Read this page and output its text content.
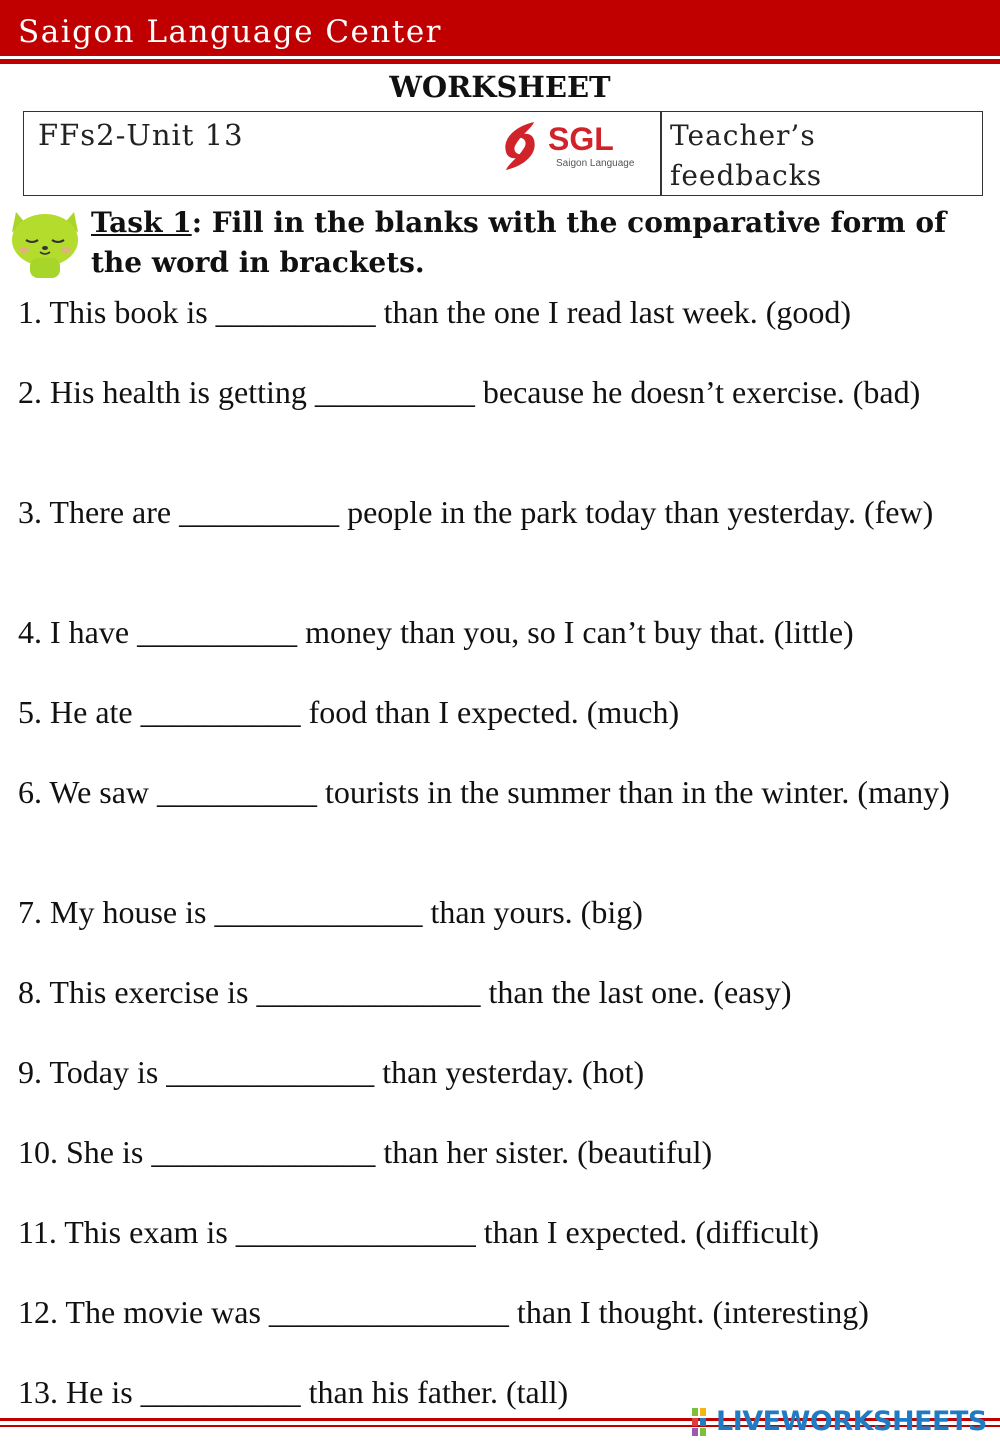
Saigon Language Center
WORKSHEET
FFs2-Unit 13	SGL
Saigon Language
Teacher’s
feedbacks
Task 1: Fill in the blanks with the comparative form of the word in brackets.
1. This book is __________ than the one I read last week. (good)
2. His health is getting __________ because he doesn’t exercise. (bad)
3. There are __________ people in the park today than yesterday. (few)
4. I have __________ money than you, so I can’t buy that. (little)
5. He ate __________ food than I expected. (much)
6. We saw __________ tourists in the summer than in the winter. (many)
7. My house is _____________ than yours. (big)
8. This exercise is ______________ than the last one. (easy)
9. Today is _____________ than yesterday. (hot)
10. She is ______________ than her sister. (beautiful)
11. This exam is _______________ than I expected. (difficult)
12. The movie was _______________ than I thought. (interesting)
13. He is __________ than his father. (tall)
LIVEWORKSHEETS
